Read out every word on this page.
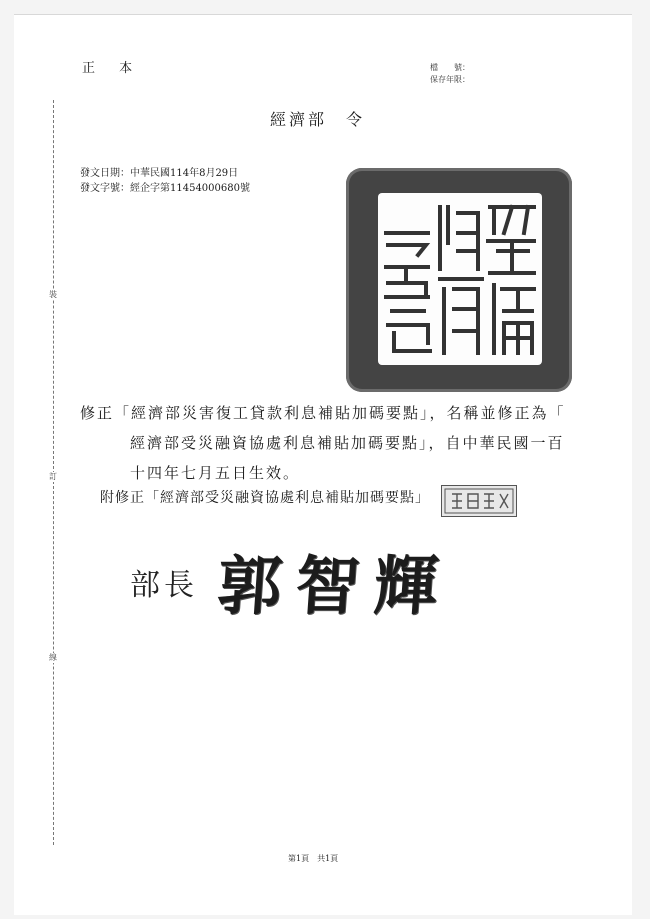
裝
訂
線
正 本	檔　　號：
保存年限：
經濟部　令
發文日期：中華民國114年8月29日
發文字號：經企字第11454000680號
修正「經濟部災害復工貸款利息補貼加碼要點」，名稱並修正為「
經濟部受災融資協處利息補貼加碼要點」，自中華民國一百
十四年七月五日生效。
附修正「經濟部受災融資協處利息補貼加碼要點」
部長 郭智輝
第1頁　共1頁
